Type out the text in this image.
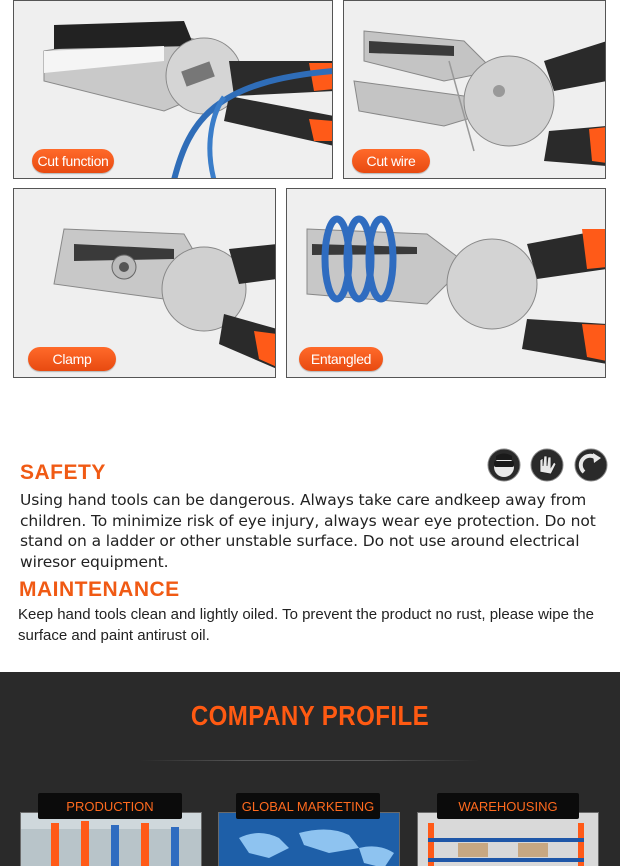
Cut function	Cut wire
Clamp	Entangled
SAFETY
Using hand tools can be dangerous. Always take care andkeep away from children. To minimize risk of eye injury, always wear eye protection. Do not stand on a ladder or other unstable surface. Do not use around electrical wiresor equipment.
MAINTENANCE
Keep hand tools clean and lightly oiled. To prevent the product no rust, please wipe the surface and paint antirust oil.
COMPANY PROFILE
PRODUCTION	GLOBAL MARKETING	WAREHOUSING
